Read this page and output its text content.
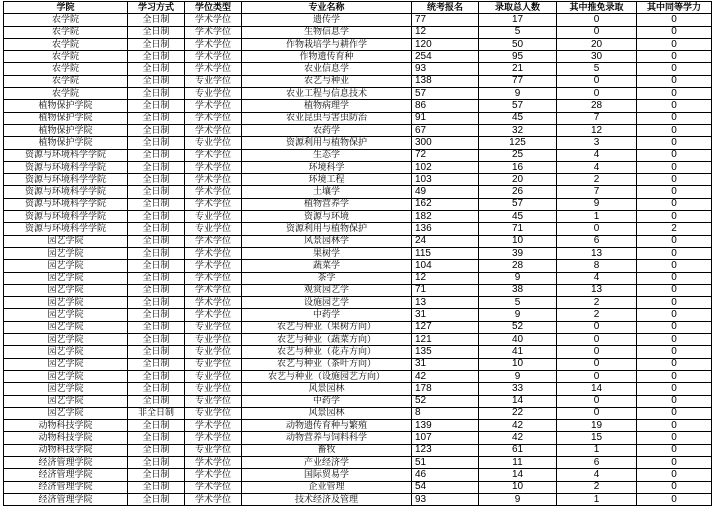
学院	学习方式	学位类型	专业名称	统考报名	录取总人数	其中推免录取	其中同等学力
农学院	全日制	学术学位	遗传学	77	17	0	0
农学院	全日制	学术学位	生物信息学	12	5	0	0
农学院	全日制	学术学位	作物栽培学与耕作学	120	50	20	0
农学院	全日制	学术学位	作物遗传育种	254	95	30	0
农学院	全日制	学术学位	农业信息学	93	21	5	0
农学院	全日制	专业学位	农艺与种业	138	77	0	0
农学院	全日制	专业学位	农业工程与信息技术	57	9	0	0
植物保护学院	全日制	学术学位	植物病理学	86	57	28	0
植物保护学院	全日制	学术学位	农业昆虫与害虫防治	91	45	7	0
植物保护学院	全日制	学术学位	农药学	67	32	12	0
植物保护学院	全日制	专业学位	资源利用与植物保护	300	125	3	0
资源与环境科学学院	全日制	学术学位	生态学	72	25	4	0
资源与环境科学学院	全日制	学术学位	环境科学	102	16	4	0
资源与环境科学学院	全日制	学术学位	环境工程	103	20	2	0
资源与环境科学学院	全日制	学术学位	土壤学	49	26	7	0
资源与环境科学学院	全日制	学术学位	植物营养学	162	57	9	0
资源与环境科学学院	全日制	专业学位	资源与环境	182	45	1	0
资源与环境科学学院	全日制	专业学位	资源利用与植物保护	136	71	0	2
园艺学院	全日制	学术学位	风景园林学	24	10	6	0
园艺学院	全日制	学术学位	果树学	115	39	13	0
园艺学院	全日制	学术学位	蔬菜学	104	28	8	0
园艺学院	全日制	学术学位	茶学	12	9	4	0
园艺学院	全日制	学术学位	观赏园艺学	71	38	13	0
园艺学院	全日制	学术学位	设施园艺学	13	5	2	0
园艺学院	全日制	学术学位	中药学	31	9	2	0
园艺学院	全日制	专业学位	农艺与种业（果树方向）	127	52	0	0
园艺学院	全日制	专业学位	农艺与种业（蔬菜方向）	121	40	0	0
园艺学院	全日制	专业学位	农艺与种业（花卉方向）	135	41	0	0
园艺学院	全日制	专业学位	农艺与种业（茶叶方向）	31	10	0	0
园艺学院	全日制	专业学位	农艺与种业（设施园艺方向）	42	9	0	0
园艺学院	全日制	专业学位	风景园林	178	33	14	0
园艺学院	全日制	专业学位	中药学	52	14	0	0
园艺学院	非全日制	专业学位	风景园林	8	22	0	0
动物科技学院	全日制	学术学位	动物遗传育种与繁殖	139	42	19	0
动物科技学院	全日制	学术学位	动物营养与饲料科学	107	42	15	0
动物科技学院	全日制	专业学位	畜牧	123	61	1	0
经济管理学院	全日制	学术学位	产业经济学	51	11	6	0
经济管理学院	全日制	学术学位	国际贸易学	46	14	4	0
经济管理学院	全日制	学术学位	企业管理	54	10	2	0
经济管理学院	全日制	学术学位	技术经济及管理	93	9	1	0
